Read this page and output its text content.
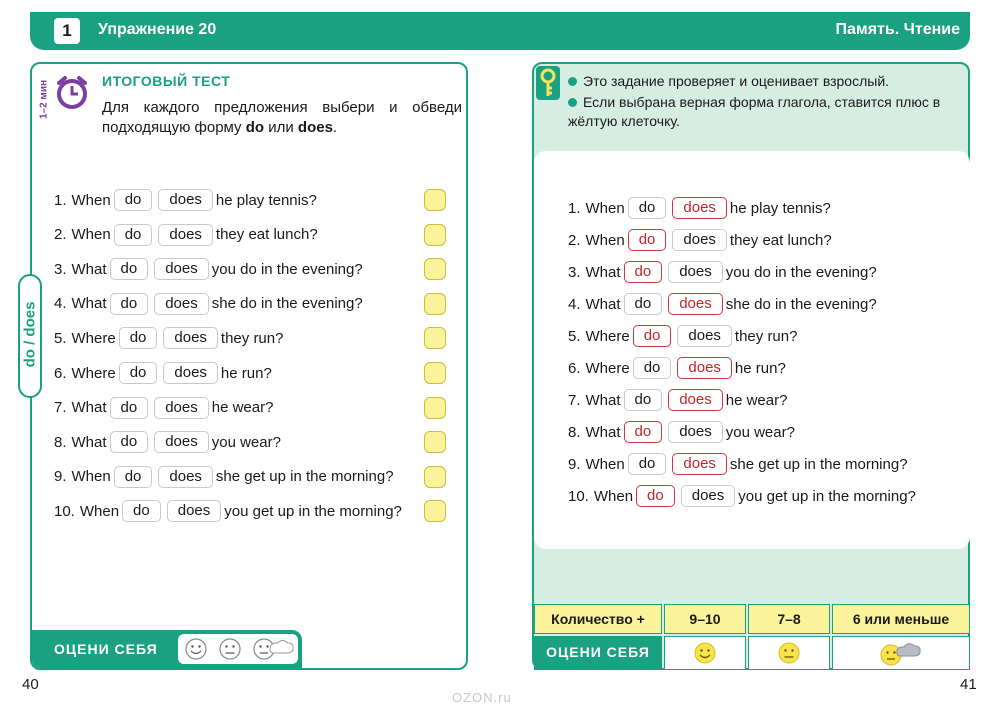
1	Упражнение 20	Память. Чтение
1–2 мин	ИТОГОВЫЙ ТЕСТ
Для каждого предложения выбери и обведи подходящую форму do или does.
ОЦЕНИ СЕБЯ
1. When do	does he play tennis?
2. When do	does they eat lunch?
3. What do	does you do in the evening?
4. What do	does she do in the evening?
5. Where do	does they run?
6. Where do	does he run?
7. What do	does he wear?
8. What do	does you wear?
9. When do	does she get up in the morning?
10. When do	does you get up in the morning?
do / does
Это задание проверяет и оценивает взрослый.
Если выбрана верная форма глагола, ставится плюс в жёлтую клеточку.
Количество +	9–10	7–8	6 или меньше
ОЦЕНИ СЕБЯ
1. When do	does he play tennis?
2. When do	does they eat lunch?
3. What do	does you do in the evening?
4. What do	does she do in the evening?
5. Where do	does they run?
6. Where do	does he run?
7. What do	does he wear?
8. What do	does you wear?
9. When do	does she get up in the morning?
10. When do	does you get up in the morning?
40	41
OZON.ru
